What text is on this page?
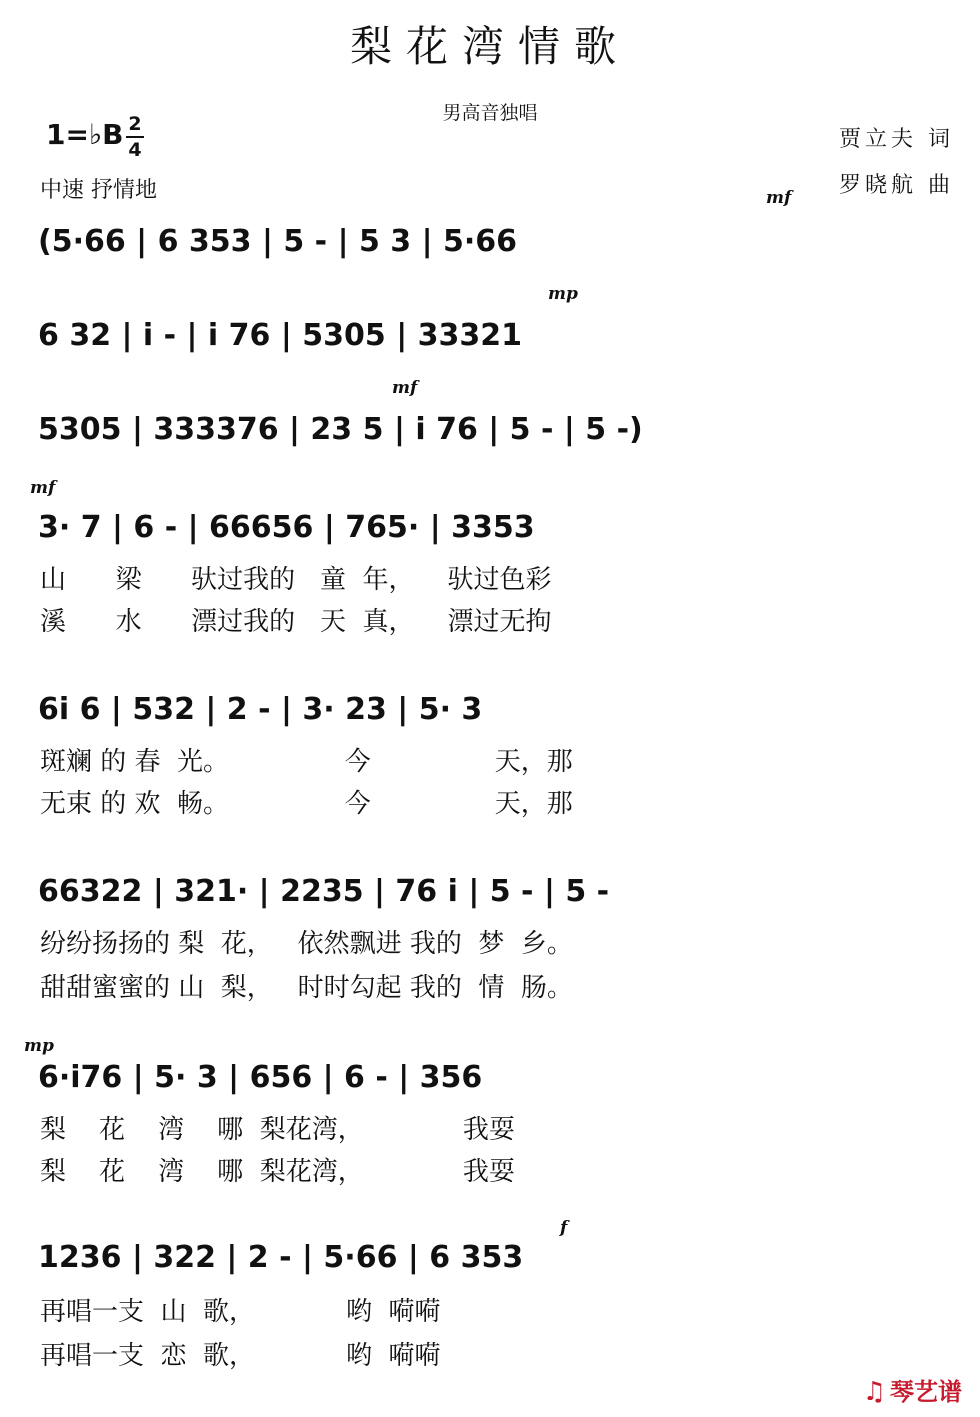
梨花湾情歌
男高音独唱
1=♭B 2
4
中速 抒情地
贾立夫 词
罗晓航 曲
mf
(5·66 | 6 353 | 5 - | 5 3 | 5·66
mp
6 32 | i - | i 76 | 5305 | 33321
mf
5305 | 333376 | 23 5 | i 76 | 5 - | 5 -)
mf
3· 7 | 6 - | 66656 | 765· | 3353
山      梁      驮过我的   童  年，    驮过色彩
溪      水      漂过我的   天  真，    漂过无拘
6i 6 | 532 | 2 - | 3· 23 | 5· 3
斑斓 的 春  光。              今               天，那
无束 的 欢  畅。              今               天，那
66322 | 321· | 2235 | 76 i | 5 - | 5 -
纷纷扬扬的 梨  花，   依然飘进 我的  梦  乡。
甜甜蜜蜜的 山  梨，   时时勾起 我的  情  肠。
mp
6·i76 | 5· 3 | 656 | 6 - | 356
梨    花    湾    哪  梨花湾，            我耍
梨    花    湾    哪  梨花湾，            我耍
f
1236 | 322 | 2 - | 5·66 | 6 353
再唱一支  山  歌，           哟  嗬嗬
再唱一支  恋  歌，           哟  嗬嗬
♫ 琴艺谱
